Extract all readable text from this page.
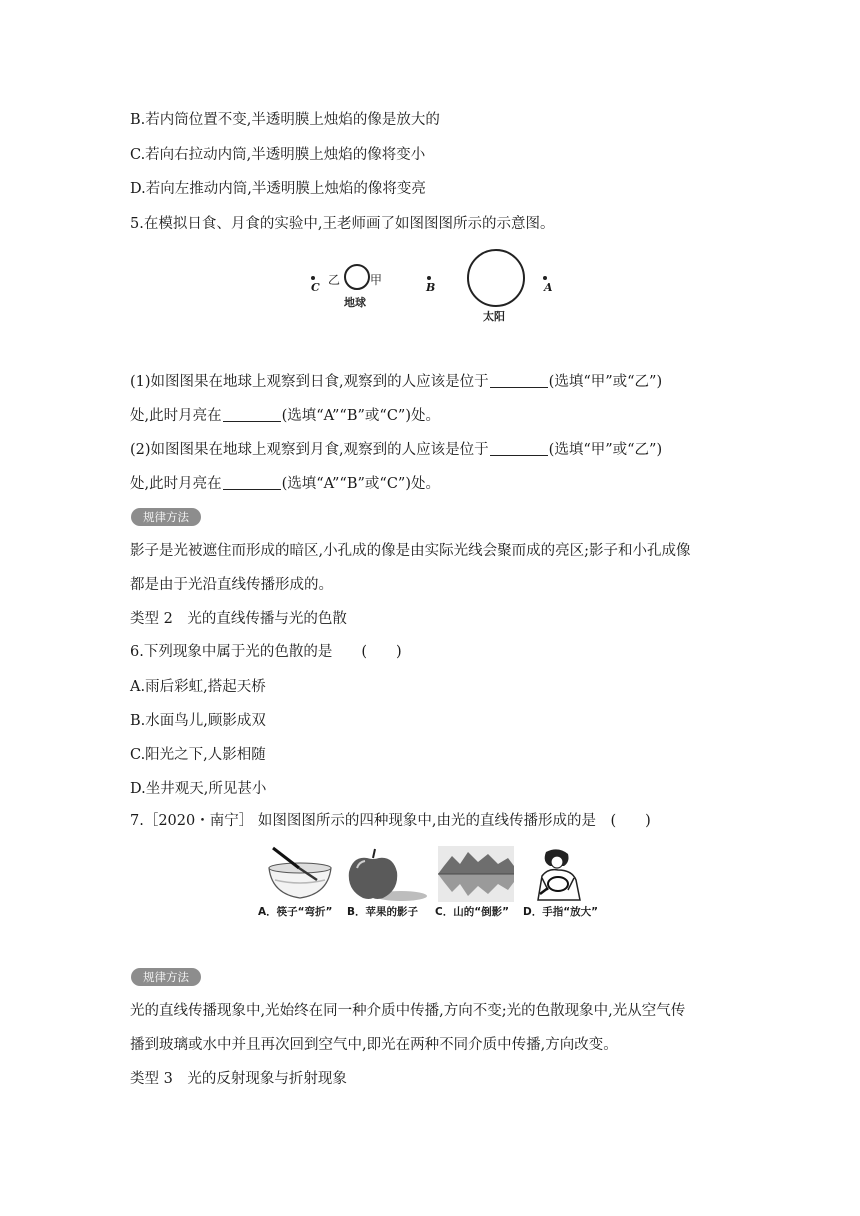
B.若内筒位置不变,半透明膜上烛焰的像是放大的
C.若向右拉动内筒,半透明膜上烛焰的像将变小
D.若向左推动内筒,半透明膜上烛焰的像将变亮
5.在模拟日食、月食的实验中,王老师画了如图图图所示的示意图。
C
乙 甲
地球
B
太阳
A
(1)如图图果在地球上观察到日食,观察到的人应该是位于	(选填“甲”或“乙”)
处,此时月亮在	(选填“A”“B”或“C”)处。
(2)如图图果在地球上观察到月食,观察到的人应该是位于	(选填“甲”或“乙”)
处,此时月亮在	(选填“A”“B”或“C”)处。
规律方法
影子是光被遮住而形成的暗区,小孔成的像是由实际光线会聚而成的亮区;影子和小孔成像
都是由于光沿直线传播形成的。
类型 2　光的直线传播与光的色散
6.下列现象中属于光的色散的是　　(　　)
A.雨后彩虹,搭起天桥
B.水面鸟儿,顾影成双
C.阳光之下,人影相随
D.坐井观天,所见甚小
7.［2020・南宁］ 如图图图所示的四种现象中,由光的直线传播形成的是　(　　)
A．筷子“弯折” B．苹果的影子 C．山的“倒影” D．手指“放大”
规律方法
光的直线传播现象中,光始终在同一种介质中传播,方向不变;光的色散现象中,光从空气传
播到玻璃或水中并且再次回到空气中,即光在两种不同介质中传播,方向改变。
类型 3　光的反射现象与折射现象
